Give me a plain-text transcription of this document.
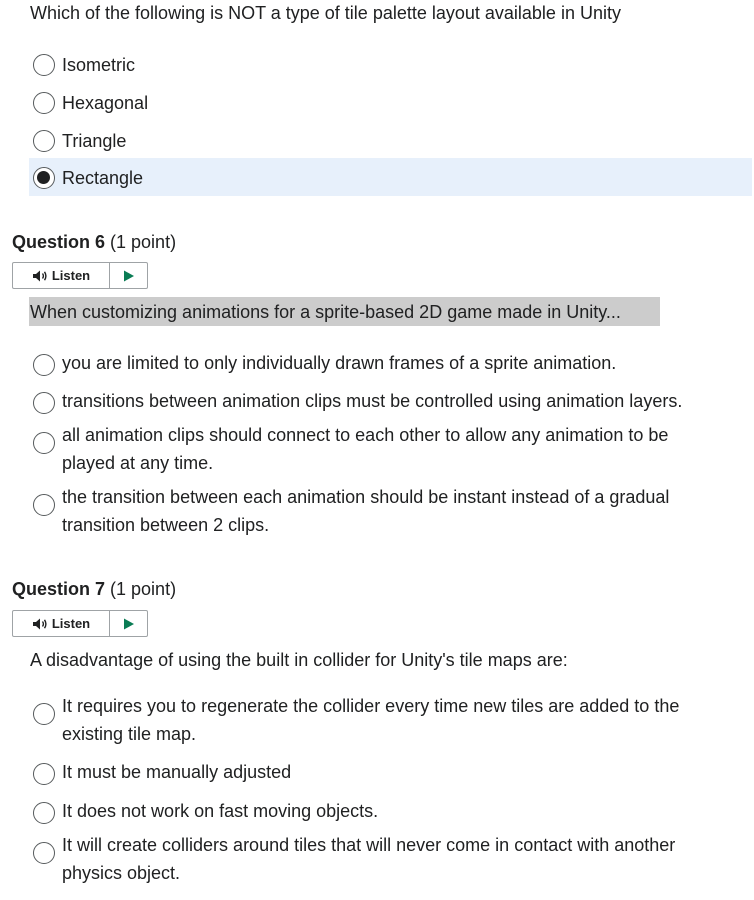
Which of the following is NOT a type of tile palette layout available in Unity
Isometric
Hexagonal
Triangle
Rectangle
Question 6 (1 point)
Listen
When customizing animations for a sprite-based 2D game made in Unity...
you are limited to only individually drawn frames of a sprite animation.
transitions between animation clips must be controlled using animation layers.
all animation clips should connect to each other to allow any animation to be
played at any time.
the transition between each animation should be instant instead of a gradual
transition between 2 clips.
Question 7 (1 point)
Listen
A disadvantage of using the built in collider for Unity's tile maps are:
It requires you to regenerate the collider every time new tiles are added to the
existing tile map.
It must be manually adjusted
It does not work on fast moving objects.
It will create colliders around tiles that will never come in contact with another
physics object.
